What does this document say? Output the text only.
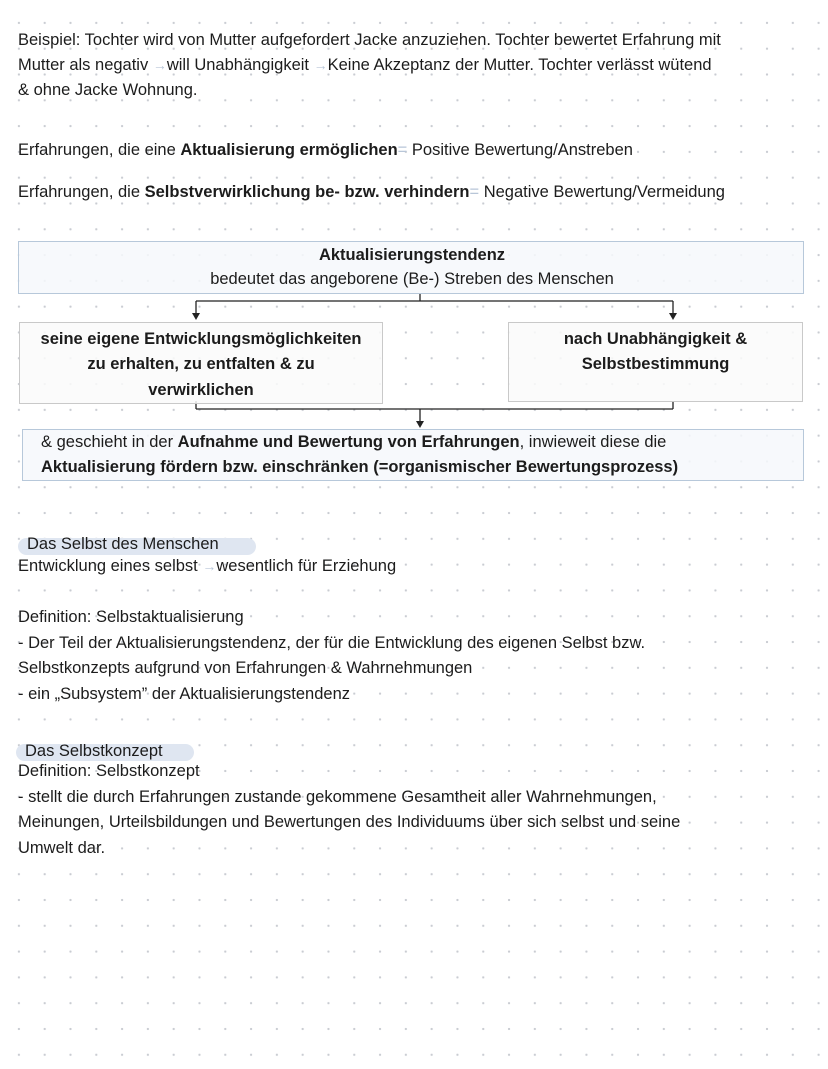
Beispiel: Tochter wird von Mutter aufgefordert Jacke anzuziehen. Tochter bewertet Erfahrung mit
Mutter als negativ →will Unabhängigkeit →Keine Akzeptanz der Mutter. Tochter verlässt wütend
& ohne Jacke Wohnung.
Erfahrungen, die eine Aktualisierung ermöglichen= Positive Bewertung/Anstreben
Erfahrungen, die Selbstverwirklichung be- bzw. verhindern= Negative Bewertung/Vermeidung
Aktualisierungstendenz
bedeutet das angeborene (Be-) Streben des Menschen
seine eigene Entwicklungsmöglichkeiten
zu erhalten, zu entfalten & zu
verwirklichen
nach Unabhängigkeit &
Selbstbestimmung
& geschieht in der Aufnahme und Bewertung von Erfahrungen, inwieweit diese die
Aktualisierung fördern bzw. einschränken (=organismischer Bewertungsprozess)
Das Selbst des Menschen
Entwicklung eines selbst →wesentlich für Erziehung
Definition: Selbstaktualisierung
- Der Teil der Aktualisierungstendenz, der für die Entwicklung des eigenen Selbst bzw.
Selbstkonzepts aufgrund von Erfahrungen & Wahrnehmungen
- ein „Subsystem” der Aktualisierungstendenz
Das Selbstkonzept
Definition: Selbstkonzept
- stellt die durch Erfahrungen zustande gekommene Gesamtheit aller Wahrnehmungen,
Meinungen, Urteilsbildungen und Bewertungen des Individuums über sich selbst und seine
Umwelt dar.
